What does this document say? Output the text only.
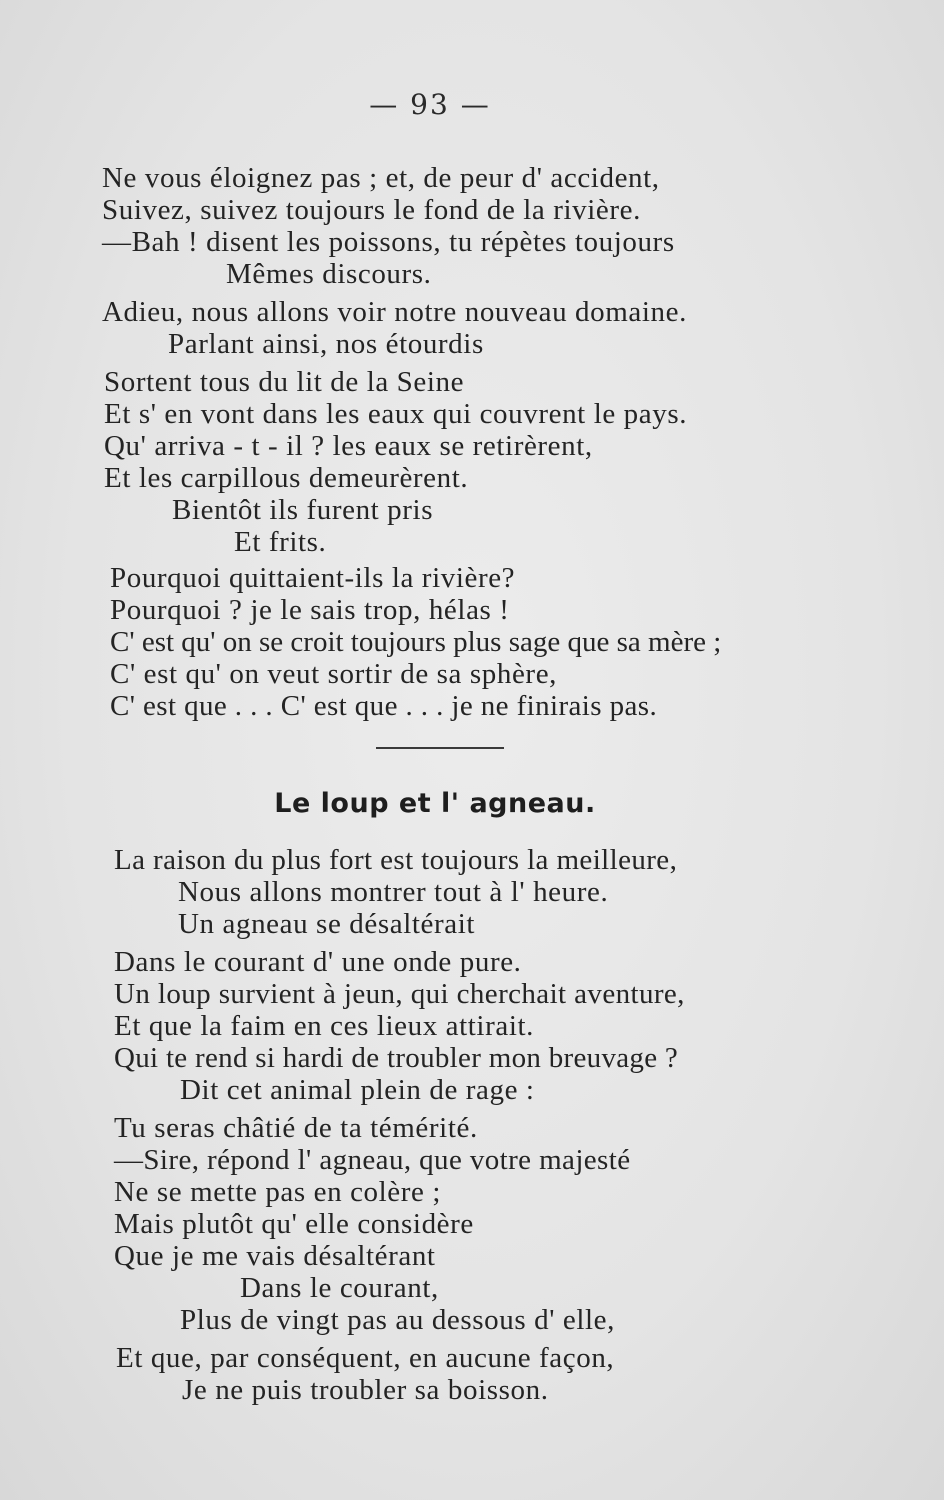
— 93 —
Ne vous éloignez pas ; et, de peur d' accident,
Suivez, suivez toujours le fond de la rivière.
—Bah ! disent les poissons, tu répètes toujours
Mêmes discours.
Adieu, nous allons voir notre nouveau domaine.
Parlant ainsi, nos étourdis
Sortent tous du lit de la Seine
Et s' en vont dans les eaux qui couvrent le pays.
Qu' arriva - t - il ? les eaux se retirèrent,
Et les carpillous demeurèrent.
Bientôt ils furent pris
Et frits.
Pourquoi quittaient-ils la rivière?
Pourquoi ? je le sais trop, hélas !
C' est qu' on se croit toujours plus sage que sa mère ;
C' est qu' on veut sortir de sa sphère,
C' est que . . . C' est que . . . je ne finirais pas.
Le loup et l' agneau.
La raison du plus fort est toujours la meilleure,
Nous allons montrer tout à l' heure.
Un agneau se désaltérait
Dans le courant d' une onde pure.
Un loup survient à jeun, qui cherchait aventure,
Et que la faim en ces lieux attirait.
Qui te rend si hardi de troubler mon breuvage ?
Dit cet animal plein de rage :
Tu seras châtié de ta témérité.
—Sire, répond l' agneau, que votre majesté
Ne se mette pas en colère ;
Mais plutôt qu' elle considère
Que je me vais désaltérant
Dans le courant,
Plus de vingt pas au dessous d' elle,
Et que, par conséquent, en aucune façon,
Je ne puis troubler sa boisson.
